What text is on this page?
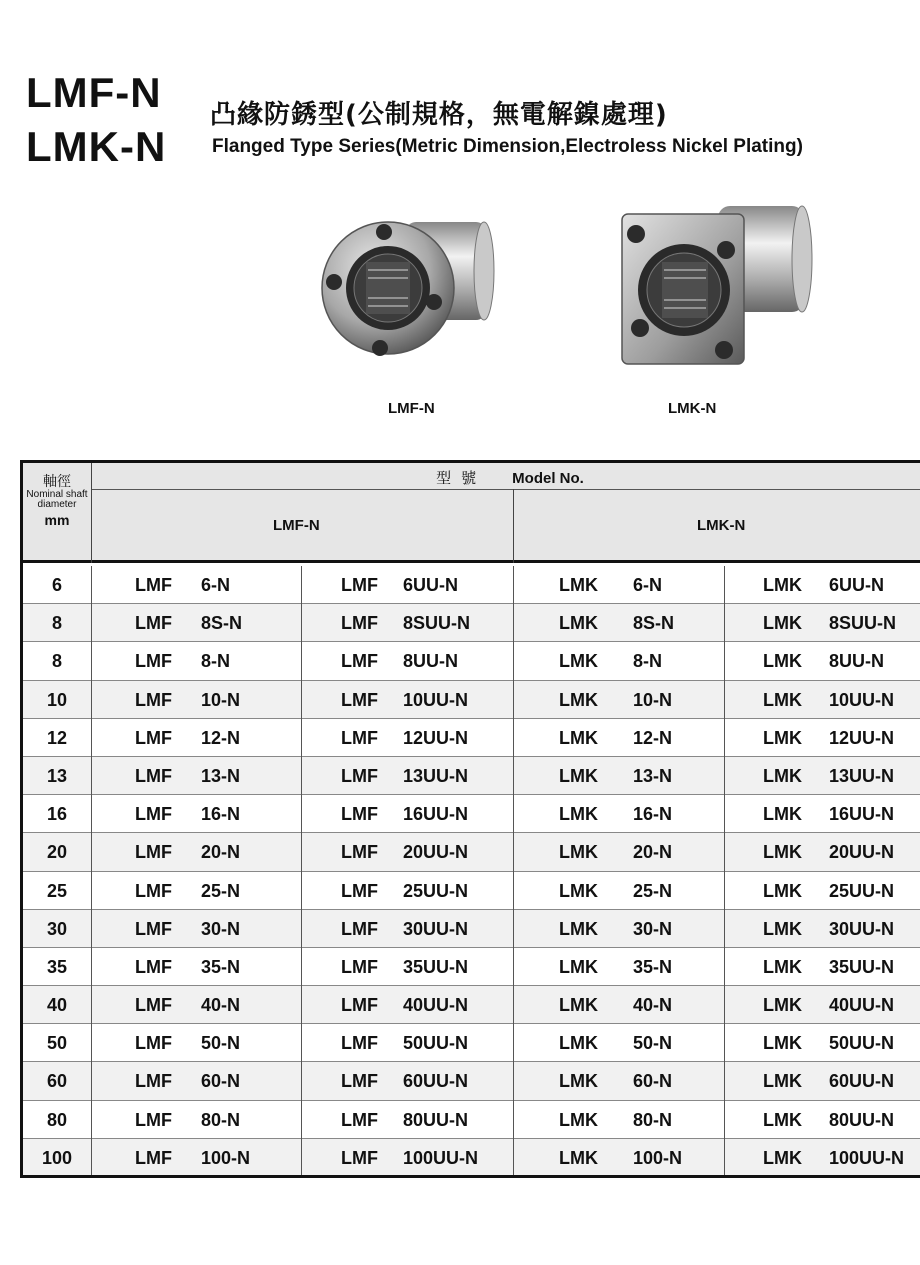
LMF-N
LMK-N
凸緣防銹型(公制規格，無電解鎳處理)
Flanged Type Series(Metric Dimension,Electroless Nickel Plating)
LMF-N	LMK-N
軸徑
Nominal shaft diameter
mm
型號 Model No.
LMF-N	LMK-N
6	LMF	6-N	LMF	6UU-N	LMK	6-N	LMK	6UU-N
8	LMF	8S-N	LMF	8SUU-N	LMK	8S-N	LMK	8SUU-N
8	LMF	8-N	LMF	8UU-N	LMK	8-N	LMK	8UU-N
10	LMF	10-N	LMF	10UU-N	LMK	10-N	LMK	10UU-N
12	LMF	12-N	LMF	12UU-N	LMK	12-N	LMK	12UU-N
13	LMF	13-N	LMF	13UU-N	LMK	13-N	LMK	13UU-N
16	LMF	16-N	LMF	16UU-N	LMK	16-N	LMK	16UU-N
20	LMF	20-N	LMF	20UU-N	LMK	20-N	LMK	20UU-N
25	LMF	25-N	LMF	25UU-N	LMK	25-N	LMK	25UU-N
30	LMF	30-N	LMF	30UU-N	LMK	30-N	LMK	30UU-N
35	LMF	35-N	LMF	35UU-N	LMK	35-N	LMK	35UU-N
40	LMF	40-N	LMF	40UU-N	LMK	40-N	LMK	40UU-N
50	LMF	50-N	LMF	50UU-N	LMK	50-N	LMK	50UU-N
60	LMF	60-N	LMF	60UU-N	LMK	60-N	LMK	60UU-N
80	LMF	80-N	LMF	80UU-N	LMK	80-N	LMK	80UU-N
100	LMF	100-N	LMF	100UU-N	LMK	100-N	LMK	100UU-N
